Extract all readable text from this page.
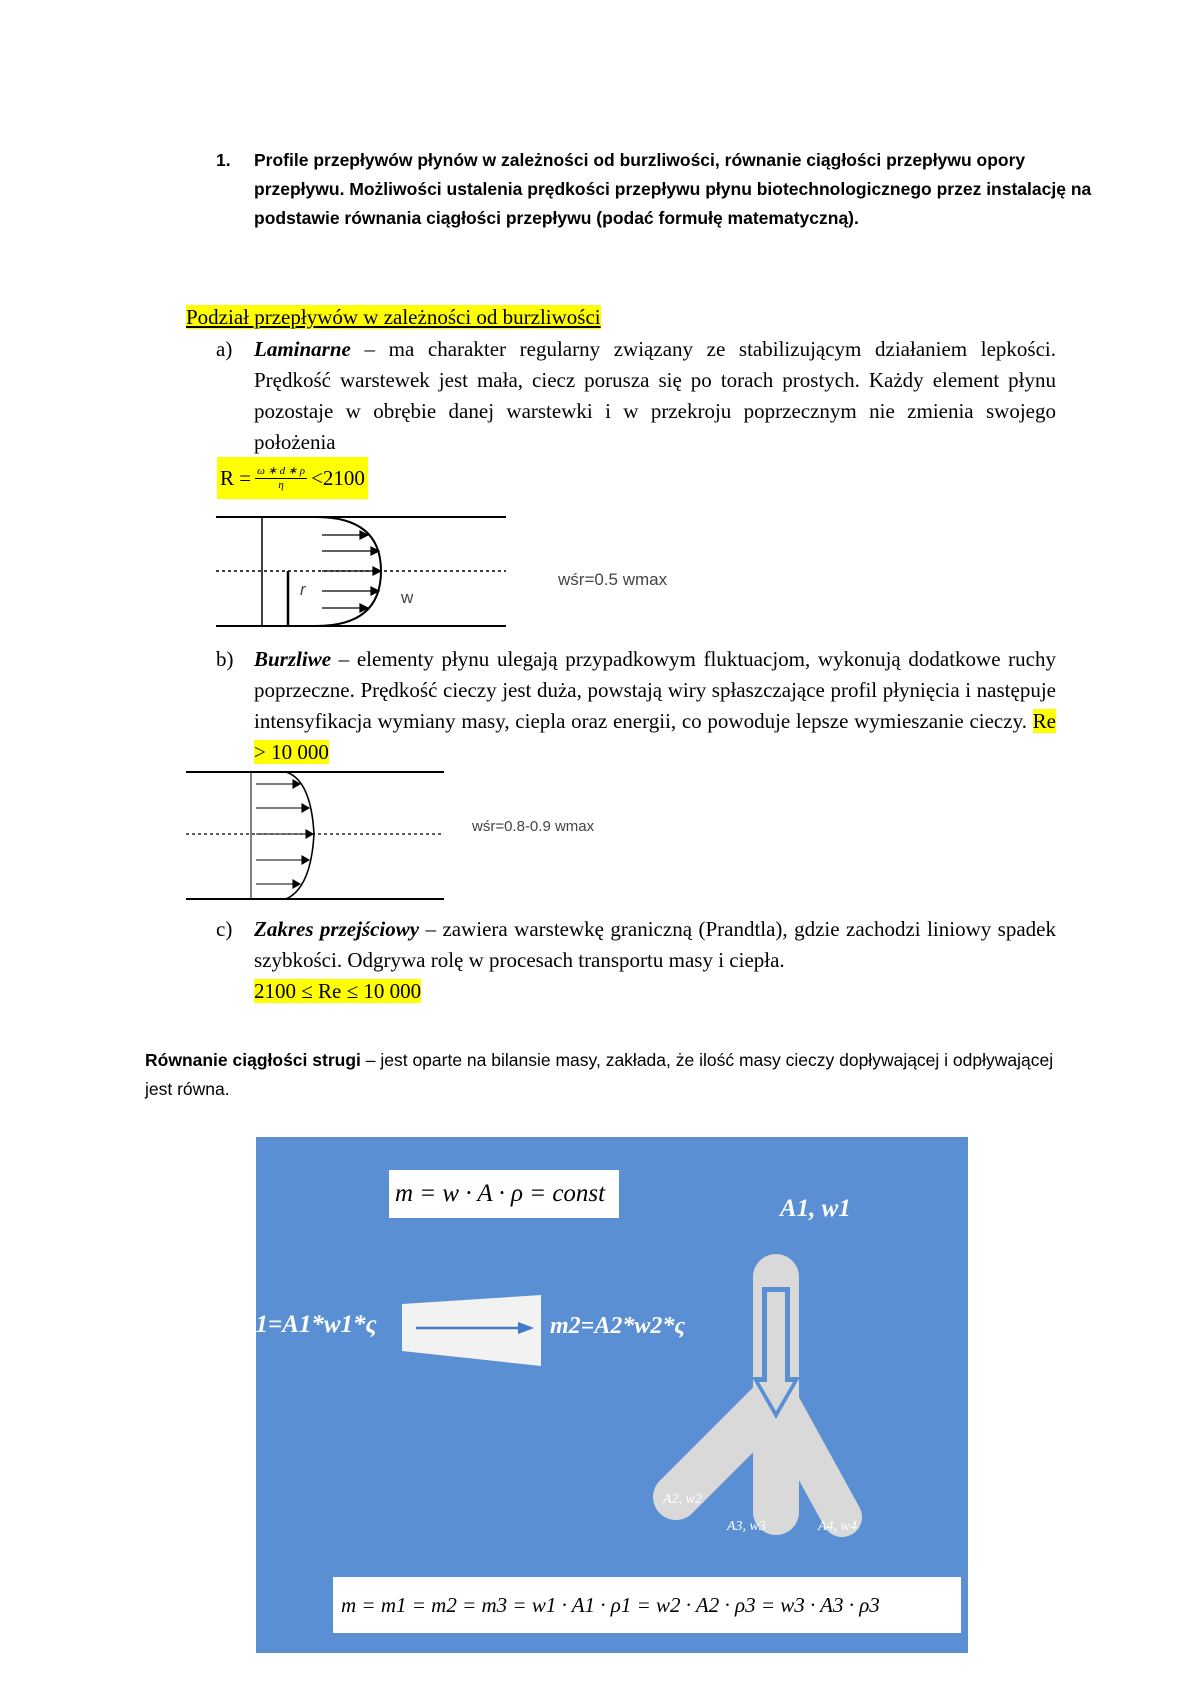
1. Profile przepływów płynów w zależności od burzliwości, równanie ciągłości przepływu opory przepływu. Możliwości ustalenia prędkości przepływu płynu biotechnologicznego przez instalację na podstawie równania ciągłości przepływu (podać formułę matematyczną).
Podział przepływów w zależności od burzliwości
a) Laminarne – ma charakter regularny związany ze stabilizującym działaniem lepkości. Prędkość warstewek jest mała, ciecz porusza się po torach prostych. Każdy element płynu pozostaje w obrębie danej warstewki i w przekroju poprzecznym nie zmienia swojego położenia
$R = \frac{\omega ∗ d ∗ \rho}{\eta} <2100$
r	w
wśr=0.5 wmax
b) Burzliwe – elementy płynu ulegają przypadkowym fluktuacjom, wykonują dodatkowe ruchy poprzeczne. Prędkość cieczy jest duża, powstają wiry spłaszczające profil płynięcia i następuje intensyfikacja wymiany masy, ciepla oraz energii, co powoduje lepsze wymieszanie cieczy. Re > 10 000
wśr=0.8-0.9 wmax
c) Zakres przejściowy – zawiera warstewkę graniczną (Prandtla), gdzie zachodzi liniowy spadek szybkości. Odgrywa rolę w procesach transportu masy i ciepła.
2100 ≤ Re ≤ 10 000
Równanie ciągłości strugi – jest oparte na bilansie masy, zakłada, że ilość masy cieczy dopływającej i odpływającej jest równa.
m = w · A · ρ = const
m1=A1*w1*ς	m2=A2*w2*ς
A1, w1
A2, w2
A3, w3	A4, w4
m = m1 = m2 = m3 = w1 · A1 · ρ1 = w2 · A2 · ρ3 = w3 · A3 · ρ3
